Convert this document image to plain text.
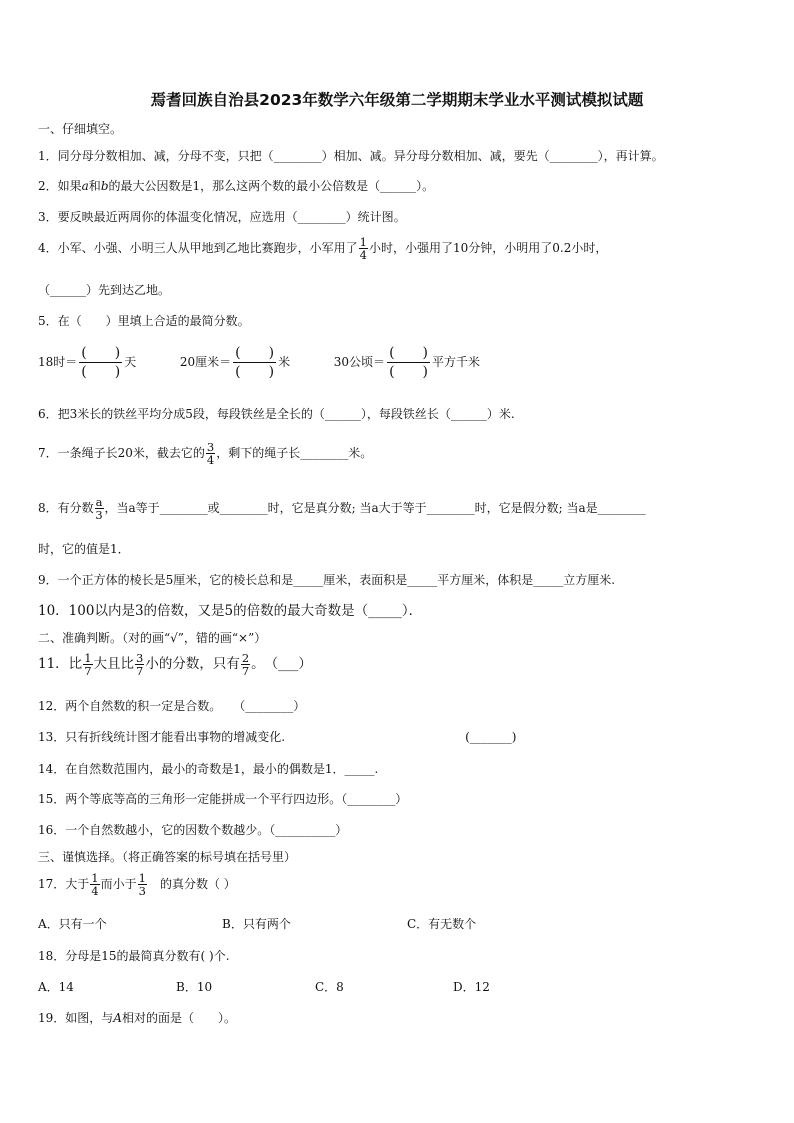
焉耆回族自治县2023年数学六年级第二学期期末学业水平测试模拟试题
一、仔细填空。
1．同分母分数相加、减，分母不变，只把（________）相加、减。异分母分数相加、减，要先（________），再计算。
2．如果a和b的最大公因数是1，那么这两个数的最小公倍数是（______）。
3．要反映最近两周你的体温变化情况，应选用（________）统计图。
4．小军、小强、小明三人从甲地到乙地比赛跑步，小军用了 $\frac{1}{4}$ 小时，小强用了10分钟，小明用了0.2小时，
（______）先到达乙地。
5．在（　　）里填上合适的最简分数。
18时＝
(　　)
(　　)
天	20厘米＝
(　　)
(　　)
米	30公顷＝
(　　)
(　　)
平方千米
6．把3米长的铁丝平均分成5段，每段铁丝是全长的（______），每段铁丝长（______）米.
7．一条绳子长20米，截去它的 $\frac{3}{4}$ ，剩下的绳子长________米。
8．有分数 $\frac{a}{3}$ ，当a等于________或________时，它是真分数; 当a大于等于________时，它是假分数; 当a是________
时，它的值是1．
9．一个正方体的棱长是5厘米，它的棱长总和是_____厘米，表面积是_____平方厘米，体积是_____立方厘米.
10．100以内是3的倍数，又是5的倍数的最大奇数是（_____）．
二、准确判断。（对的画“√”，错的画“×”）
11．比 $\frac{1}{7}$ 大且比 $\frac{3}{7}$ 小的分数，只有 $\frac{2}{7}$ 。　（___）
12．两个自然数的积一定是合数。　　（________）
13．只有折线统计图才能看出事物的增减变化.	(_______)
14．在自然数范围内，最小的奇数是1，最小的偶数是1．_____.
15．两个等底等高的三角形一定能拼成一个平行四边形。（________）
16．一个自然数越小，它的因数个数越少。（__________）
三、谨慎选择。（将正确答案的标号填在括号里）
17．大于 $\frac{1}{4}$ 而小于 $\frac{1}{3}$ 　的真分数（ ）
A．只有一个	B．只有两个	C．有无数个
18．分母是15的最简真分数有( )个.
A．14	B．10	C．8	D．12
19．如图，与A相对的面是（　　）。
